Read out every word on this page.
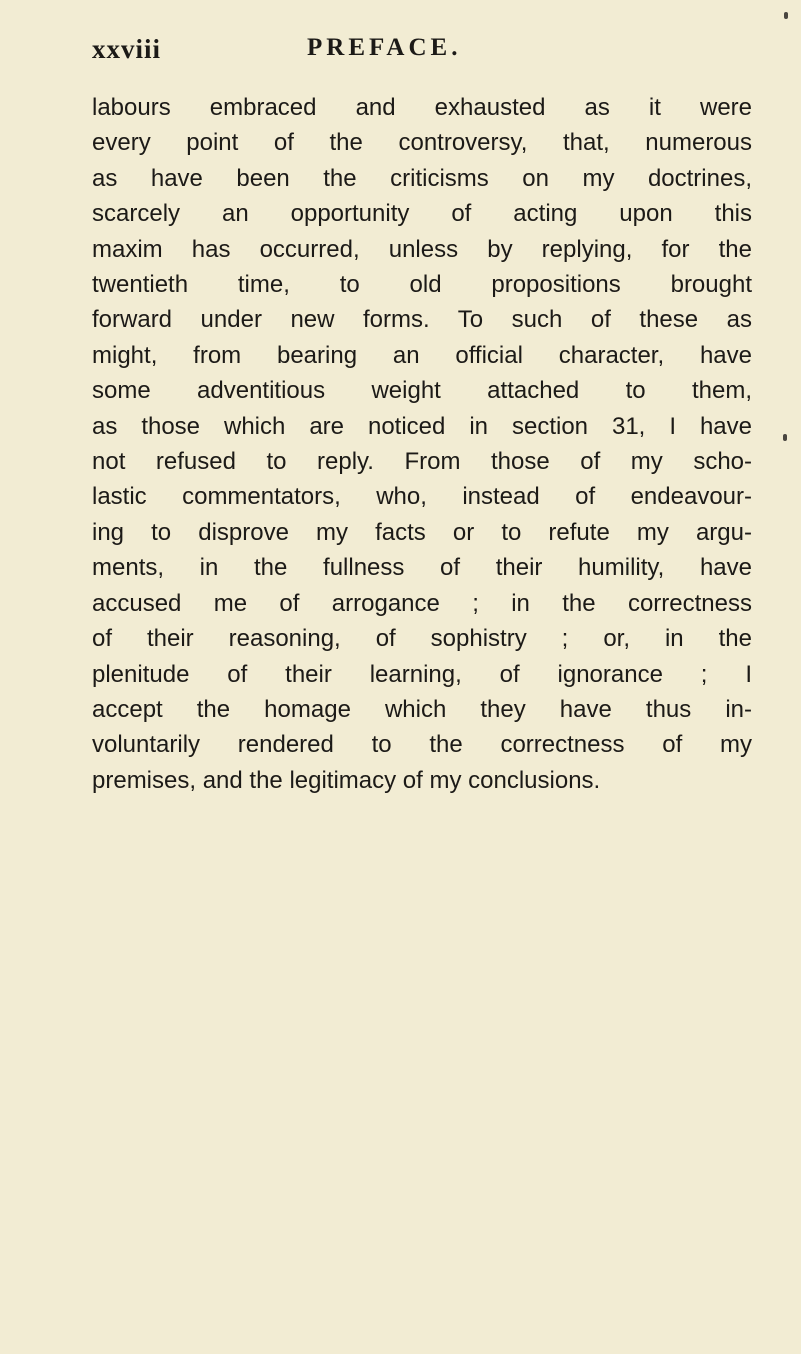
xxviii	PREFACE.
labours embraced and exhausted as it were
every point of the controversy, that, numerous
as have been the criticisms on my doctrines,
scarcely an opportunity of acting upon this
maxim has occurred, unless by replying, for the
twentieth time, to old propositions brought
forward under new forms. To such of these as
might, from bearing an official character, have
some adventitious weight attached to them,
as those which are noticed in section 31, I have
not refused to reply. From those of my scho-
lastic commentators, who, instead of endeavour-
ing to disprove my facts or to refute my argu-
ments, in the fullness of their humility, have
accused me of arrogance ; in the correctness
of their reasoning, of sophistry ; or, in the
plenitude of their learning, of ignorance ; I
accept the homage which they have thus in-
voluntarily rendered to the correctness of my
premises, and the legitimacy of my conclusions.
